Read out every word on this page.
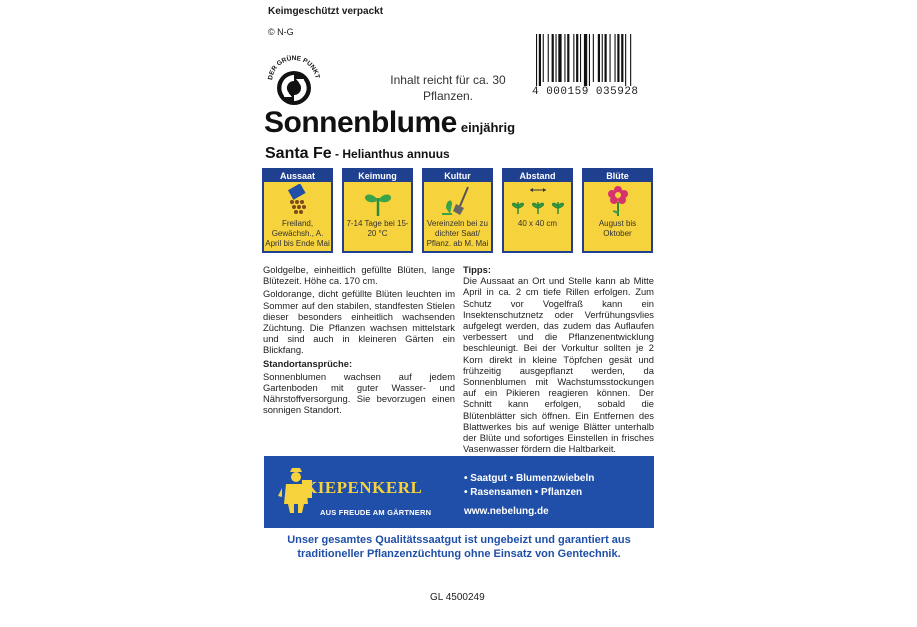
Keimgeschützt verpackt
© N-G
DER GRÜNE PUNKT	Inhalt reicht für ca. 30 Pflanzen.	4 000159 035928
Sonnenblume einjährig
Santa Fe - Helianthus annuus
Aussaat
Freiland, Gewächsh., A. April bis Ende Mai
Keimung
7-14 Tage bei 15-20 °C
Kultur
Vereinzeln bei zu dichter Saat/ Pflanz. ab M. Mai
Abstand
40 x 40 cm
Blüte
August bis Oktober

Goldgelbe, einheitlich gefüllte Blüten, lange Blütezeit. Höhe ca. 170 cm.

Goldorange, dicht gefüllte Blüten leuchten im Sommer auf den stabilen, standfesten Stielen dieser besonders einheitlich wachsenden Züchtung. Die Pflanzen wachsen mittelstark und sind auch in kleineren Gärten ein Blickfang.

Standortansprüche:

Sonnenblumen wachsen auf jedem Gartenboden mit guter Wasser- und Nährstoffversorgung. Sie bevorzugen einen sonnigen Standort.

Tipps:

Die Aussaat an Ort und Stelle kann ab Mitte April in ca. 2 cm tiefe Rillen erfolgen. Zum Schutz vor Vogelfraß kann ein Insektenschutznetz oder Verfrühungsvlies aufgelegt werden, das zudem das Auflaufen verbessert und die Pflanzenentwicklung beschleunigt. Bei der Vorkultur sollten je 2 Korn direkt in kleine Töpfchen gesät und frühzeitig ausgepflanzt werden, da Sonnenblumen mit Wachstumsstockungen auf ein Pikieren reagieren können. Der Schnitt kann erfolgen, sobald die Blütenblätter sich öffnen. Ein Entfernen des Blattwerkes bis auf wenige Blätter unterhalb der Blüte und sofortiges Einstellen in frisches Vasenwasser fördern die Haltbarkeit.

KIEPENKERL
AUS FREUDE AM GÄRTNERN
• Saatgut • Blumenzwiebeln
• Rasensamen • Pflanzen
www.nebelung.de
Unser gesamtes Qualitätssaatgut ist ungebeizt und garantiert aus traditioneller Pflanzenzüchtung ohne Einsatz von Gentechnik.
GL 4500249
